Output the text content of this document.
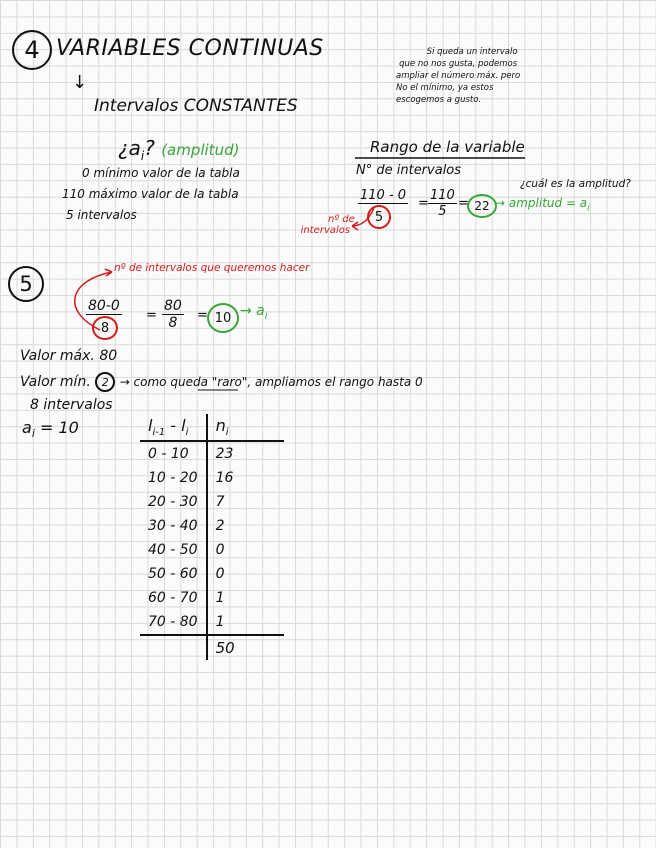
4 VARIABLES CONTINUAS
↓
Intervalos CONSTANTES
¿$a_i$? (amplitud)
0 mínimo valor de la tabla
110 máximo valor de la tabla
5 intervalos
Si queda un intervalo
que no nos gusta, podemos
ampliar el número máx. pero
No el mínimo, ya estos
escogemos a gusto.
Rango de la variable
N° de intervalos
110 - 0
5
= $\frac{110}{5} = 22$
¿cuál es la amplitud?
→ amplitud = $a_i$
nº de
intervalos
5
nº de intervalos que queremos hacer
80-0
8
= $\frac{80}{8} = 10 \to a_i$
Valor máx. 80
Valor mín. 2 → como queda "raro", ampliamos el rango hasta 0
8 intervalos
$a_i = 10$	$l_{i-1} - l_i$	$n_i$
0 - 10	23
10 - 20	16
20 - 30	7
30 - 40	2
40 - 50	0
50 - 60	0
60 - 70	1
70 - 80	1
	50
